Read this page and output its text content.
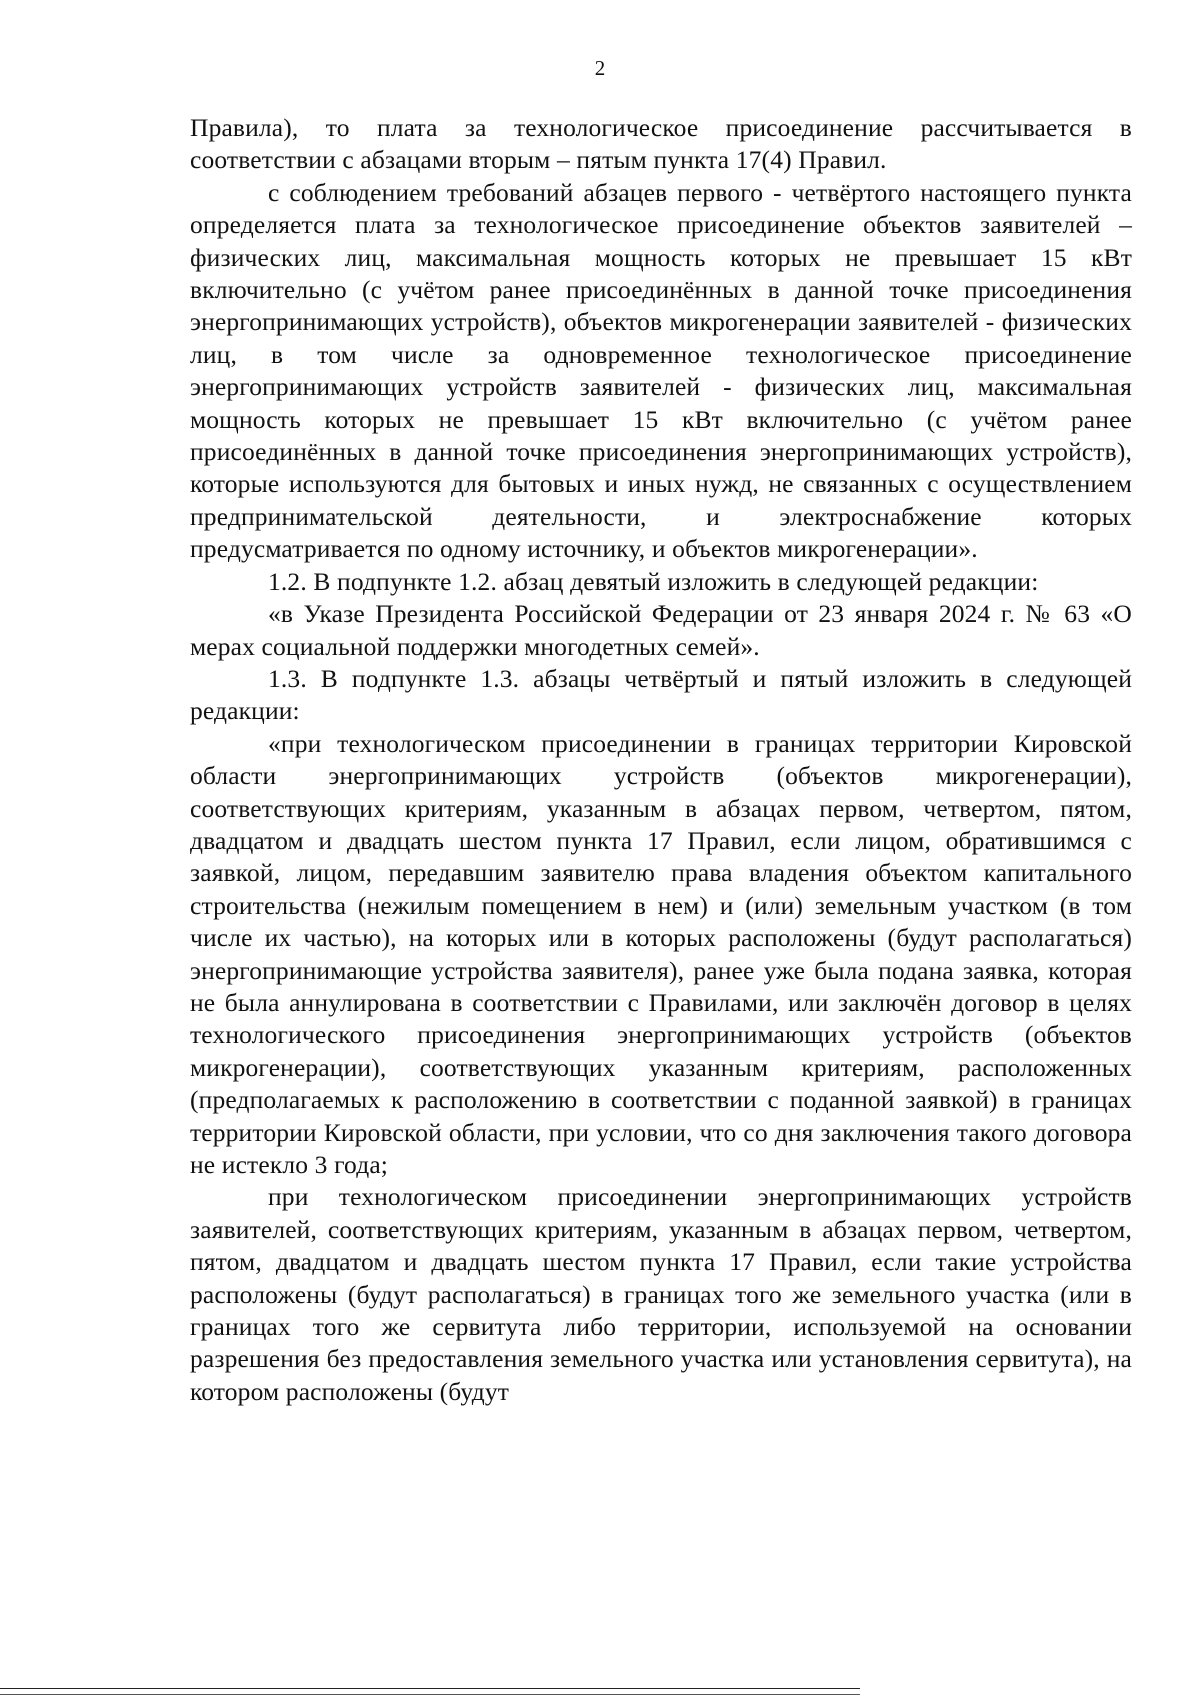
2

Правила), то плата за технологическое присоединение рассчитывается в соответствии с абзацами вторым – пятым пункта 17(4) Правил.

с соблюдением требований абзацев первого - четвёртого настоящего пункта определяется плата за технологическое присоединение объектов заявителей – физических лиц, максимальная мощность которых не превышает 15 кВт включительно (с учётом ранее присоединённых в данной точке присоединения энергопринимающих устройств), объектов микрогенерации заявителей - физических лиц, в том числе за одновременное технологическое присоединение энергопринимающих устройств заявителей - физических лиц, максимальная мощность которых не превышает 15 кВт включительно (с учётом ранее присоединённых в данной точке присоединения энергопринимающих устройств), которые используются для бытовых и иных нужд, не связанных с осуществлением предпринимательской деятельности, и электроснабжение которых предусматривается по одному источнику, и объектов микрогенерации».

1.2. В подпункте 1.2. абзац девятый изложить в следующей редакции:

«в Указе Президента Российской Федерации от 23 января 2024 г. № 63 «О мерах социальной поддержки многодетных семей».

1.3. В подпункте 1.3. абзацы четвёртый и пятый изложить в следующей редакции:

«при технологическом присоединении в границах территории Кировской области энергопринимающих устройств (объектов микрогенерации), соответствующих критериям, указанным в абзацах первом, четвертом, пятом, двадцатом и двадцать шестом пункта 17 Правил, если лицом, обратившимся с заявкой, лицом, передавшим заявителю права владения объектом капитального строительства (нежилым помещением в нем) и (или) земельным участком (в том числе их частью), на которых или в которых расположены (будут располагаться) энергопринимающие устройства заявителя), ранее уже была подана заявка, которая не была аннулирована в соответствии с Правилами, или заключён договор в целях технологического присоединения энергопринимающих устройств (объектов микрогенерации), соответствующих указанным критериям, расположенных (предполагаемых к расположению в соответствии с поданной заявкой) в границах территории Кировской области, при условии, что со дня заключения такого договора не истекло 3 года;

при технологическом присоединении энергопринимающих устройств заявителей, соответствующих критериям, указанным в абзацах первом, четвертом, пятом, двадцатом и двадцать шестом пункта 17 Правил, если такие устройства расположены (будут располагаться) в границах того же земельного участка (или в границах того же сервитута либо территории, используемой на основании разрешения без предоставления земельного участка или установления сервитута), на котором расположены (будут
